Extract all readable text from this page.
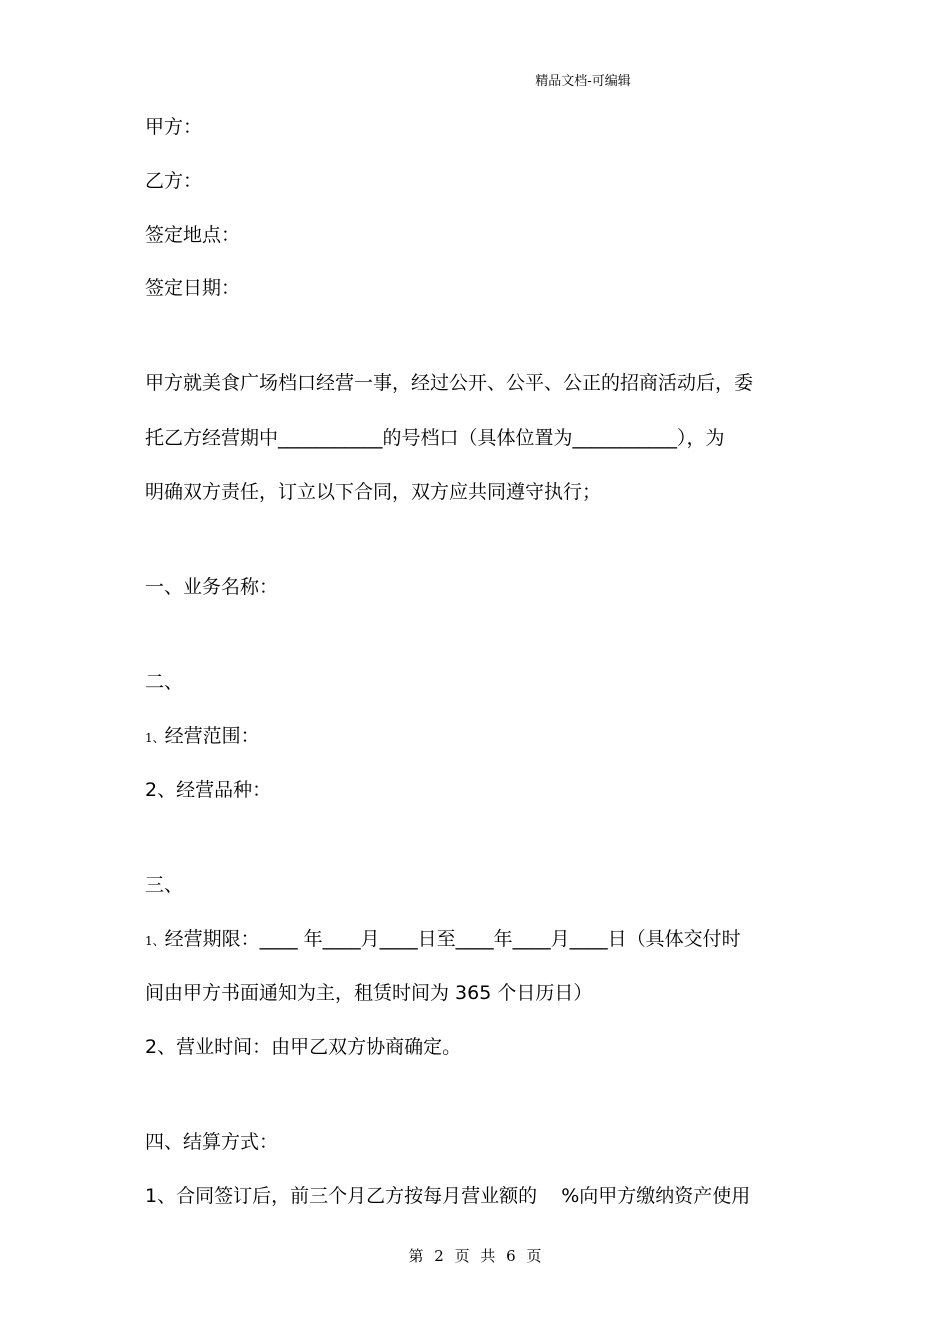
精品文档-可编辑
甲方：
乙方：
签定地点：
签定日期：
甲方就美食广场档口经营一事，经过公开、公平、公正的招商活动后，委
托乙方经营期中___________的号档口（具体位置为___________），为
明确双方责任，订立以下合同，双方应共同遵守执行；
一、业务名称：
二、
1、经营范围：
2、经营品种：
三、
1、经营期限：____ 年____月____日至____年____月____日（具体交付时
间由甲方书面通知为主，租赁时间为 365 个日历日）
2、营业时间：由甲乙双方协商确定。
四、结算方式：
1、合同签订后，前三个月乙方按每月营业额的    %向甲方缴纳资产使用
第 2 页 共 6 页
